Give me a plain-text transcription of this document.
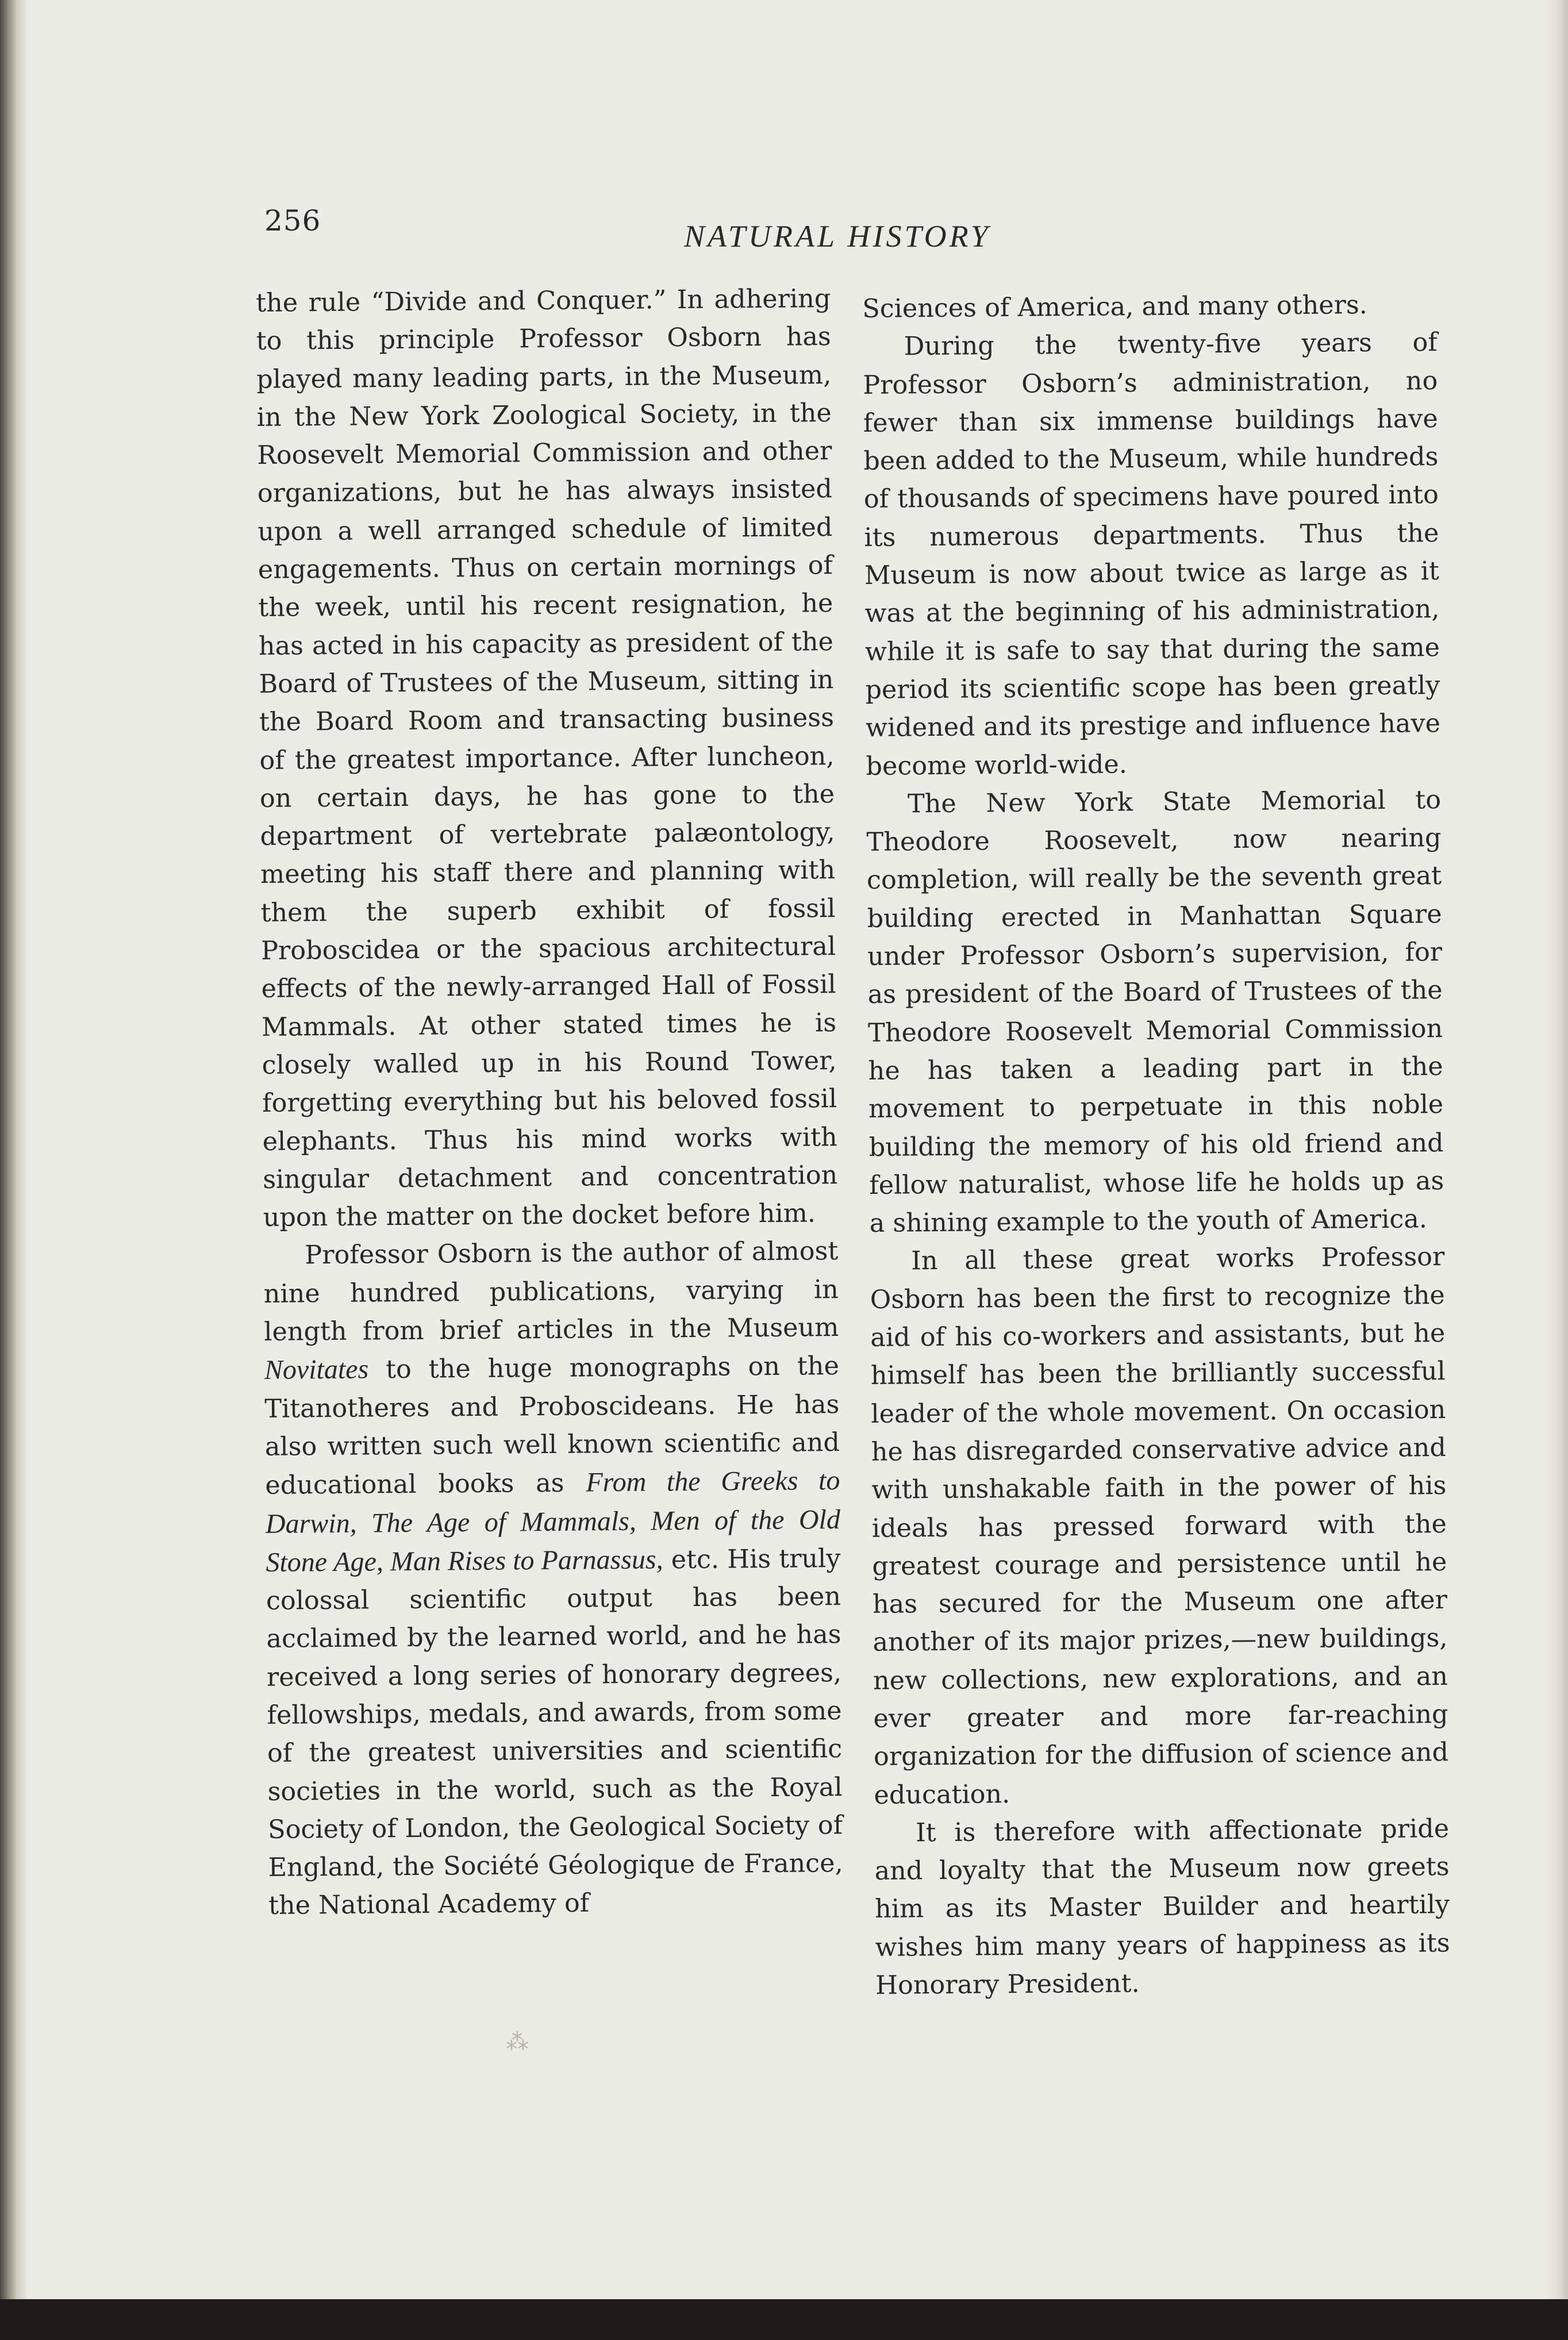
256	NATURAL HISTORY

the rule “Divide and Conquer.” In adhering to this principle Professor Osborn has played many leading parts, in the Museum, in the New York Zoological Society, in the Roosevelt Memorial Commission and other organizations, but he has always insisted upon a well arranged schedule of limited engagements. Thus on certain mornings of the week, until his recent resignation, he has acted in his capacity as president of the Board of Trustees of the Museum, sitting in the Board Room and transacting business of the greatest importance. After luncheon, on certain days, he has gone to the department of vertebrate palæontology, meeting his staff there and planning with them the superb exhibit of fossil Proboscidea or the spacious architectural effects of the newly-arranged Hall of Fossil Mammals. At other stated times he is closely walled up in his Round Tower, forgetting everything but his beloved fossil elephants. Thus his mind works with singular detachment and concentration upon the matter on the docket before him.

Professor Osborn is the author of almost nine hundred publications, varying in length from brief articles in the Museum Novitates to the huge monographs on the Titanotheres and Proboscideans. He has also written such well known scientific and educational books as From the Greeks to Darwin, The Age of Mammals, Men of the Old Stone Age, Man Rises to Parnassus, etc. His truly colossal scientific output has been acclaimed by the learned world, and he has received a long series of honorary degrees, fellowships, medals, and awards, from some of the greatest universities and scientific societies in the world, such as the Royal Society of London, the Geological Society of England, the Société Géologique de France, the National Academy of

Sciences of America, and many others.

During the twenty-five years of Professor Osborn’s administration, no fewer than six immense buildings have been added to the Museum, while hundreds of thousands of specimens have poured into its numerous departments. Thus the Museum is now about twice as large as it was at the beginning of his administration, while it is safe to say that during the same period its scientific scope has been greatly widened and its prestige and influence have become world-wide.

The New York State Memorial to Theodore Roosevelt, now nearing completion, will really be the seventh great building erected in Manhattan Square under Professor Osborn’s supervision, for as president of the Board of Trustees of the Theodore Roosevelt Memorial Commission he has taken a leading part in the movement to perpetuate in this noble building the memory of his old friend and fellow naturalist, whose life he holds up as a shining example to the youth of America.

In all these great works Professor Osborn has been the first to recognize the aid of his co-workers and assistants, but he himself has been the brilliantly successful leader of the whole movement. On occasion he has disregarded conservative advice and with unshakable faith in the power of his ideals has pressed forward with the greatest courage and persistence until he has secured for the Museum one after another of its major prizes,—new buildings, new collections, new explorations, and an ever greater and more far-reaching organization for the diffusion of science and education.

It is therefore with affectionate pride and loyalty that the Museum now greets him as its Master Builder and heartily wishes him many years of happiness as its Honorary President.

⁂
